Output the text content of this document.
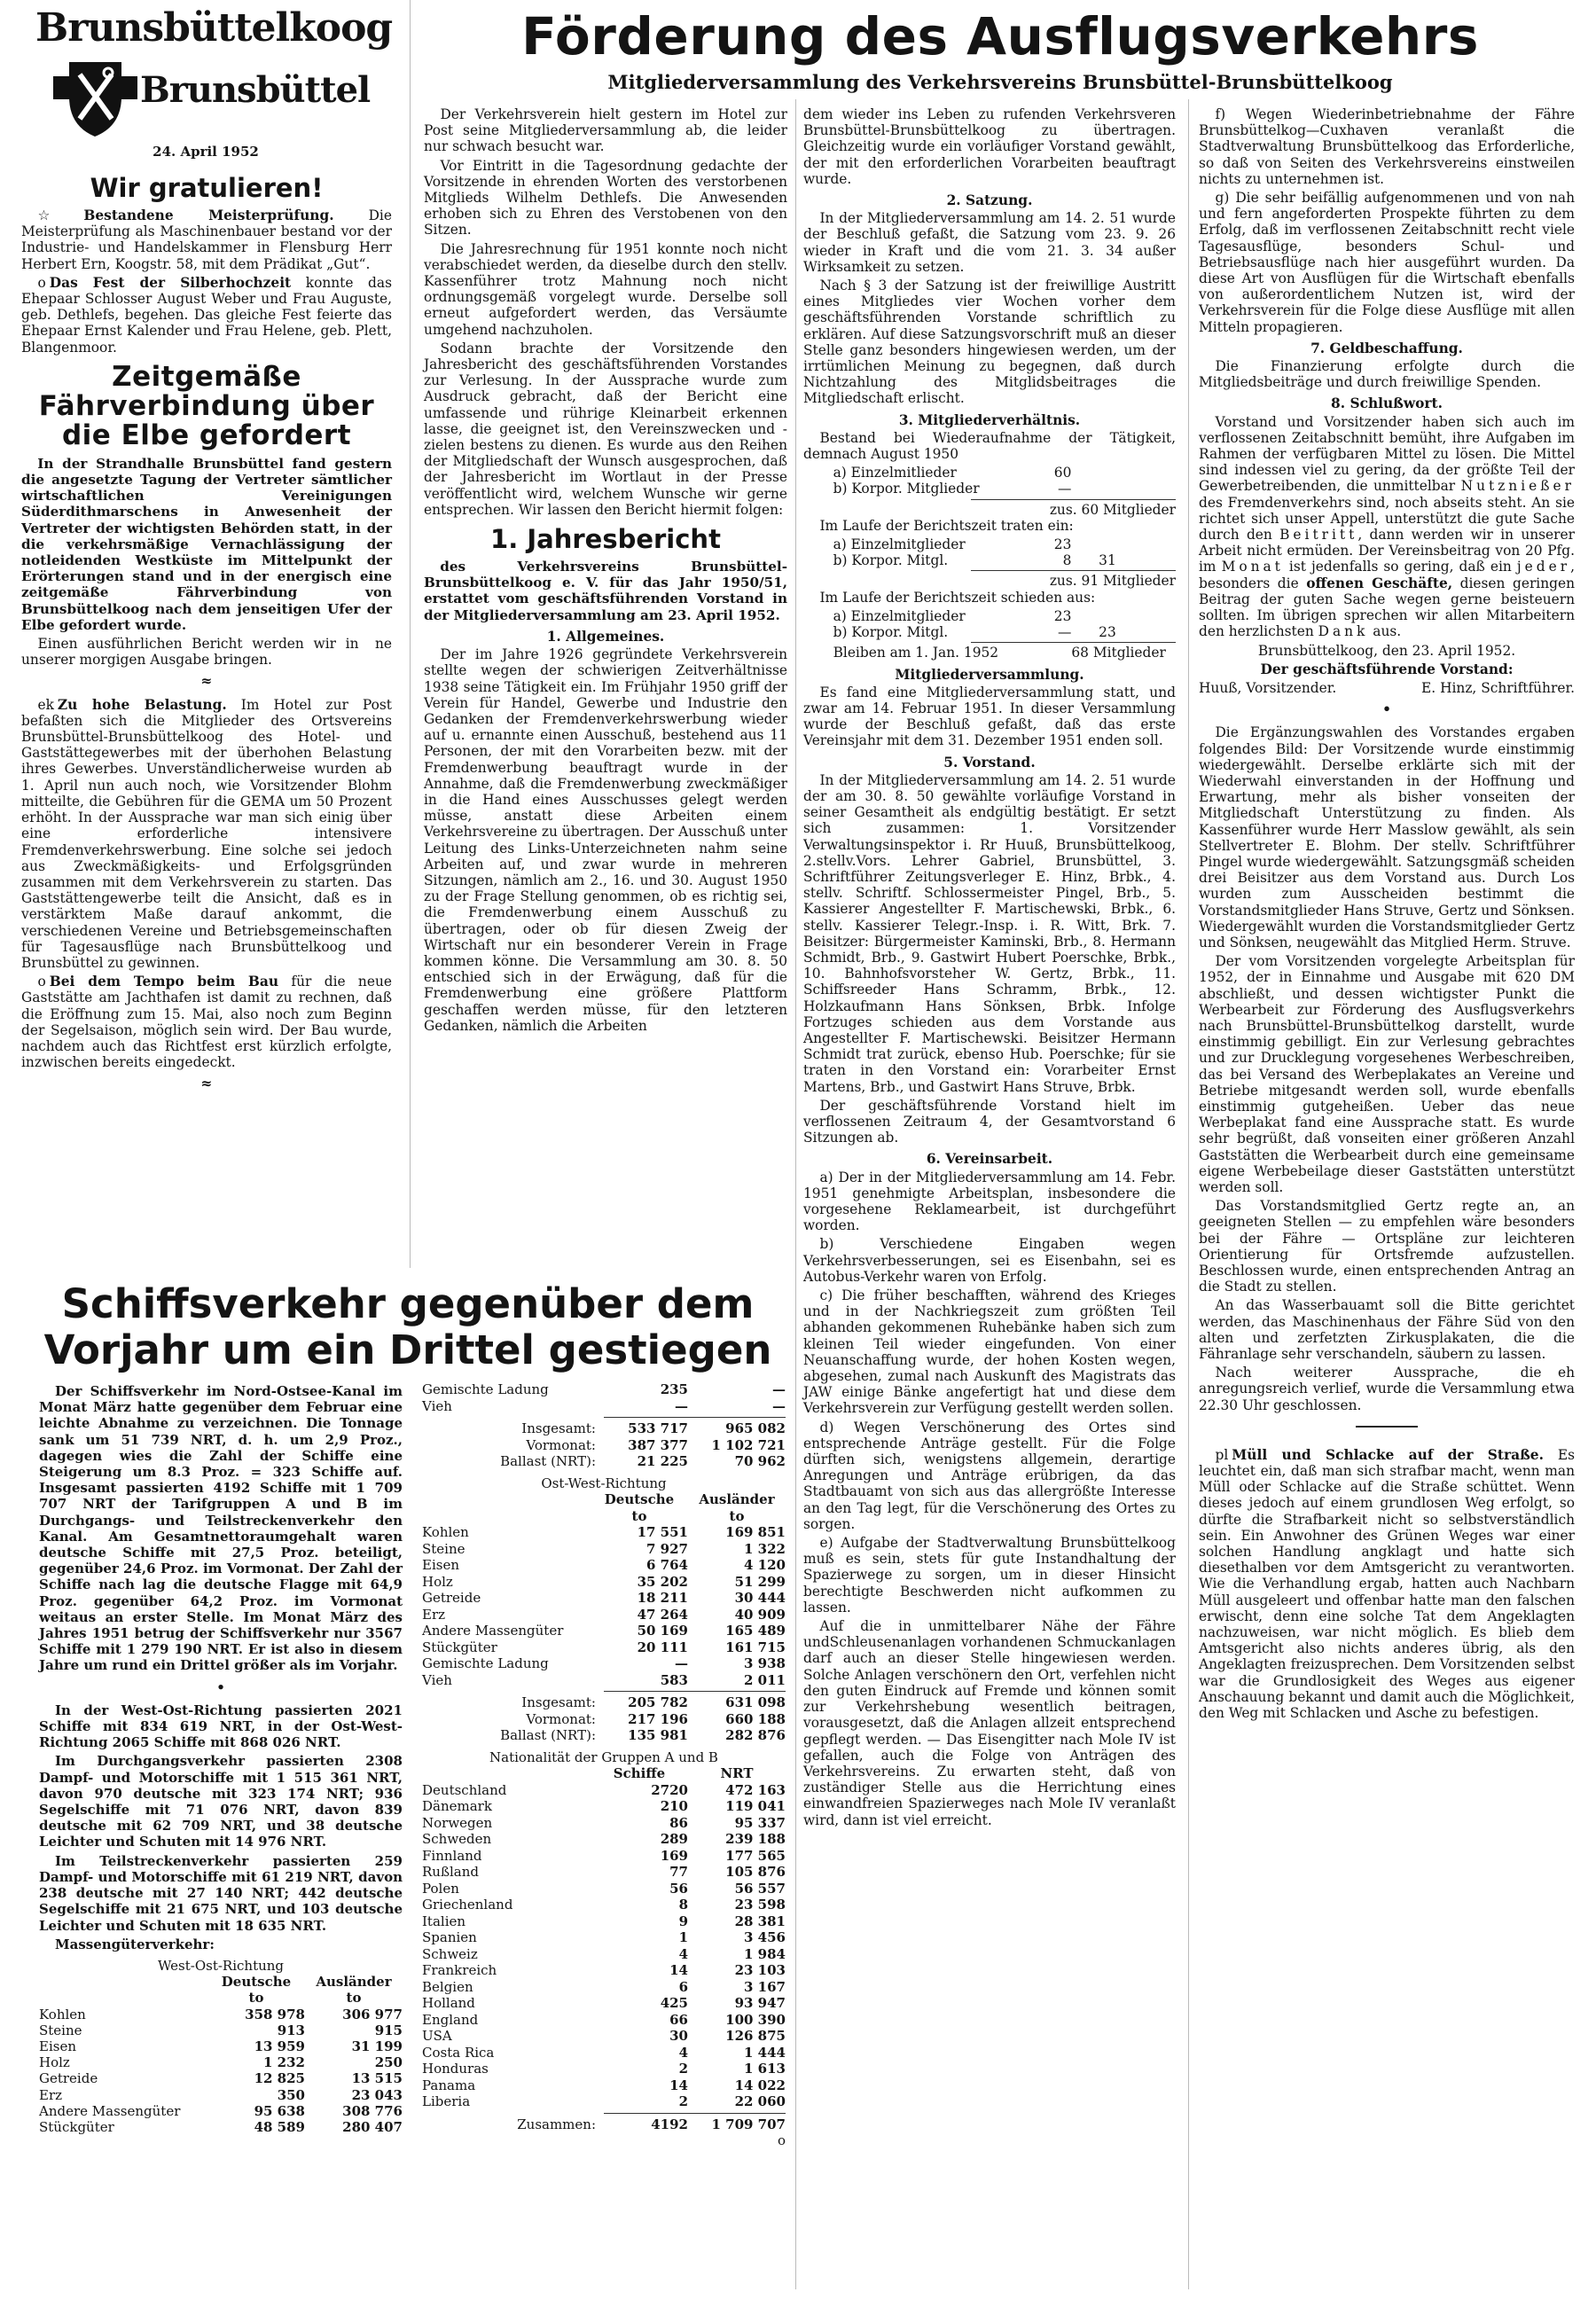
Brunsbüttelkoog
Brunsbüttel
24. April 1952
Förderung des Ausflugsverkehrs
Mitgliederversammlung des Verkehrsvereins Brunsbüttel-Brunsbüttelkoog
Wir gratulieren!
☆ Bestandene Meisterprüfung.	Die Meisterprüfung als Maschinenbauer bestand vor der Industrie- und Handelskammer in Flensburg Herr Herbert Ern, Koogstr. 58, mit dem Prädikat „Gut“.
o Das Fest der Silberhochzeit konnte das Ehepaar Schlosser August Weber und Frau Auguste, geb. Dethlefs, begehen. Das gleiche Fest feierte das Ehepaar Ernst Kalender und Frau Helene, geb. Plett, Blangenmoor.
Zeitgemäße Fährverbindung über die Elbe gefordert
In der Strandhalle Brunsbüttel fand gestern die angesetzte Tagung der Vertreter sämtlicher wirtschaftlichen Vereinigungen Süderdithmarschens in Anwesenheit der Vertreter der wichtigsten Behörden statt, in der die verkehrsmäßige Vernachlässigung der notleidenden Westküste im Mittelpunkt der Erörterungen stand und in der energisch eine zeitgemäße Fährverbindung von Brunsbüttelkoog nach dem jenseitigen Ufer der Elbe gefordert wurde.
ne
Einen ausführlichen Bericht werden wir in unserer morgigen Ausgabe bringen.
≈
ek Zu hohe Belastung. Im Hotel zur Post befaßten sich die Mitglieder des Ortsvereins Brunsbüttel-Brunsbüttelkoog des Hotel- und Gaststättegewerbes mit der überhohen Belastung ihres Gewerbes. Unverständlicherweise wurden ab 1. April nun auch noch, wie Vorsitzender Blohm mitteilte, die Gebühren für die GEMA um 50 Prozent erhöht. In der Aussprache war man sich einig über eine erforderliche intensivere Fremdenverkehrswerbung. Eine solche sei jedoch aus Zweckmäßigkeits- und Erfolgsgründen zusammen mit dem Verkehrsverein zu starten. Das Gaststättengewerbe teilt die Ansicht, daß es in verstärktem Maße darauf ankommt, die verschiedenen Vereine und Betriebsgemeinschaften für Tagesausflüge nach Brunsbüttelkoog und Brunsbüttel zu gewinnen.
o Bei dem Tempo beim Bau für die neue Gaststätte am Jachthafen ist damit zu rechnen, daß die Eröffnung zum 15. Mai, also noch zum Beginn der Segelsaison, möglich sein wird. Der Bau wurde, nachdem auch das Richtfest erst kürzlich erfolgte, inzwischen bereits eingedeckt.
≈
Der Verkehrsverein hielt gestern im Hotel zur Post seine Mitgliederversammlung ab, die leider nur schwach besucht war.
Vor Eintritt in die Tagesordnung gedachte der Vorsitzende in ehrenden Worten des verstorbenen Mitglieds Wilhelm Dethlefs. Die Anwesenden erhoben sich zu Ehren des Verstobenen von den Sitzen.
Die Jahresrechnung für 1951 konnte noch nicht verabschiedet werden, da dieselbe durch den stellv. Kassenführer trotz Mahnung noch nicht ordnungsgemäß vorgelegt wurde. Derselbe soll erneut aufgefordert werden, das Versäumte umgehend nachzuholen.
Sodann brachte der Vorsitzende den Jahresbericht des geschäftsführenden Vorstandes zur Verlesung. In der Aussprache wurde zum Ausdruck gebracht, daß der Bericht eine umfassende und rührige Kleinarbeit erkennen lasse, die geeignet ist, den Vereinszwecken und -zielen bestens zu dienen. Es wurde aus den Reihen der Mitgliedschaft der Wunsch ausgesprochen, daß der Jahresbericht im Wortlaut in der Presse veröffentlicht wird, welchem Wunsche wir gerne entsprechen. Wir lassen den Bericht hiermit folgen:
1. Jahresbericht
des Verkehrsvereins Brunsbüttel-Brunsbüttelkoog e. V. für das Jahr 1950/51, erstattet vom geschäftsführenden Vorstand in der Mitgliederversammlung am 23. April 1952.
1. Allgemeines.
Der im Jahre 1926 gegründete Verkehrsverein stellte wegen der schwierigen Zeitverhältnisse 1938 seine Tätigkeit ein. Im Frühjahr 1950 griff der Verein für Handel, Gewerbe und Industrie den Gedanken der Fremdenverkehrswerbung wieder auf u. ernannte einen Ausschuß, bestehend aus 11 Personen, der mit den Vorarbeiten bezw. mit der Fremdenwerbung beauftragt wurde in der Annahme, daß die Fremdenwerbung zweckmäßiger in die Hand eines Ausschusses gelegt werden müsse, anstatt diese Arbeiten einem Verkehrsvereine zu übertragen. Der Ausschuß unter Leitung des Links-Unterzeichneten nahm seine Arbeiten auf, und zwar wurde in mehreren Sitzungen, nämlich am 2., 16. und 30. August 1950 zu der Frage Stellung genommen, ob es richtig sei, die Fremdenwerbung einem Ausschuß zu übertragen, oder ob für diesen Zweig der Wirtschaft nur ein besonderer Verein in Frage kommen könne. Die Versammlung am 30. 8. 50 entschied sich in der Erwägung, daß für die Fremdenwerbung eine größere Plattform geschaffen werden müsse, für den letzteren Gedanken, nämlich die Arbeiten
dem wieder ins Leben zu rufenden Verkehrsveren Brunsbüttel-Brunsbüttelkoog zu übertragen. Gleichzeitig wurde ein vorläufiger Vorstand gewählt, der mit den erforderlichen Vorarbeiten beauftragt wurde.
2. Satzung.
In der Mitgliederversammlung am 14. 2. 51 wurde der Beschluß gefaßt, die Satzung vom 23. 9. 26 wieder in Kraft und die vom 21. 3. 34 außer Wirksamkeit zu setzen.
Nach § 3 der Satzung ist der freiwillige Austritt eines Mitgliedes vier Wochen vorher dem geschäftsführenden Vorstande schriftlich zu erklären. Auf diese Satzungsvorschrift muß an dieser Stelle ganz besonders hingewiesen werden, um der irrtümlichen Meinung zu begegnen, daß durch Nichtzahlung des Mitglidsbeitrages die Mitgliedschaft erlischt.
3. Mitgliederverhältnis.
Bestand bei Wiederaufnahme der Tätigkeit, demnach August 1950
a) Einzelmitlieder	60
b) Korpor. Mitglieder	—
zus. 60 Mitglieder
Im Laufe der Berichtszeit traten ein:
a) Einzelmitglieder	23
b) Korpor. Mitgl.	8	31
zus. 91 Mitglieder
Im Laufe der Berichtszeit schieden aus:
a) Einzelmitglieder	23
b) Korpor. Mitgl.	—	23
Bleiben am 1. Jan. 1952	68 Mitglieder
Mitgliederversammlung.
Es fand eine Mitgliederversammlung statt, und zwar am 14. Februar 1951. In dieser Versammlung wurde der Beschluß gefaßt, daß das erste Vereinsjahr mit dem 31. Dezember 1951 enden soll.
5. Vorstand.
In der Mitgliederversammlung am 14. 2. 51 wurde der am 30. 8. 50 gewählte vorläufige Vorstand in seiner Gesamtheit als endgültig bestätigt. Er setzt sich zusammen: 1. Vorsitzender Verwaltungsinspektor i. Rr Huuß, Brunsbüttelkoog, 2.stellv.Vors. Lehrer Gabriel, Brunsbüttel, 3. Schriftführer Zeitungsverleger E. Hinz, Brbk., 4. stellv. Schriftf. Schlossermeister Pingel, Brb., 5. Kassierer Angestellter F. Martischewski, Brbk., 6. stellv. Kassierer Telegr.-Insp. i. R. Witt, Brk. 7. Beisitzer: Bürgermeister Kaminski, Brb., 8. Hermann Schmidt, Brb., 9. Gastwirt Hubert Poerschke, Brbk., 10. Bahnhofsvorsteher W. Gertz, Brbk., 11. Schiffsreeder Hans Schramm, Brbk., 12. Holzkaufmann Hans Sönksen, Brbk. Infolge Fortzuges schieden aus dem Vorstande aus Angestellter F. Martischewski. Beisitzer Hermann Schmidt trat zurück, ebenso Hub. Poerschke; für sie traten in den Vorstand ein: Vorarbeiter Ernst Martens, Brb., und Gastwirt Hans Struve, Brbk.
Der geschäftsführende Vorstand hielt im verflossenen Zeitraum 4, der Gesamtvorstand 6 Sitzungen ab.
6. Vereinsarbeit.
a) Der in der Mitgliederversammlung am 14. Febr. 1951 genehmigte Arbeitsplan, insbesondere die vorgesehene Reklamearbeit, ist durchgeführt worden.
b) Verschiedene Eingaben wegen Verkehrsverbesserungen, sei es Eisenbahn, sei es Autobus-Verkehr waren von Erfolg.
c) Die früher beschafften, während des Krieges und in der Nachkriegszeit zum größten Teil abhanden gekommenen Ruhebänke haben sich zum kleinen Teil wieder eingefunden. Von einer Neuanschaffung wurde, der hohen Kosten wegen, abgesehen, zumal nach Auskunft des Magistrats das JAW einige Bänke angefertigt hat und diese dem Verkehrsverein zur Verfügung gestellt werden sollen.
d) Wegen Verschönerung des Ortes sind entsprechende Anträge gestellt. Für die Folge dürften sich, wenigstens allgemein, derartige Anregungen und Anträge erübrigen, da das Stadtbauamt von sich aus das allergrößte Interesse an den Tag legt, für die Verschönerung des Ortes zu sorgen.
e) Aufgabe der Stadtverwaltung Brunsbüttelkoog muß es sein, stets für gute Instandhaltung der Spazierwege zu sorgen, um in dieser Hinsicht berechtigte Beschwerden nicht aufkommen zu lassen.
Auf die in unmittelbarer Nähe der Fähre undSchleusenanlagen vorhandenen Schmuckanlagen darf auch an dieser Stelle hingewiesen werden. Solche Anlagen verschönern den Ort, verfehlen nicht den guten Eindruck auf Fremde und können somit zur Verkehrshebung wesentlich beitragen, vorausgesetzt, daß die Anlagen allzeit entsprechend gepflegt werden. — Das Eisengitter nach Mole IV ist gefallen, auch die Folge von Anträgen des Verkehrsvereins. Zu erwarten steht, daß von zuständiger Stelle aus die Herrichtung eines einwandfreien Spazierweges nach Mole IV veranlaßt wird, dann ist viel erreicht.
f) Wegen Wiederinbetriebnahme der Fähre Brunsbüttelkog—Cuxhaven veranlaßt die Stadtverwaltung Brunsbüttelkoog das Erforderliche, so daß von Seiten des Verkehrsvereins einstweilen nichts zu unternehmen ist.
g) Die sehr beifällig aufgenommenen und von nah und fern angeforderten Prospekte führten zu dem Erfolg, daß im verflossenen Zeitabschnitt recht viele Tagesausflüge, besonders Schul- und Betriebsausflüge nach hier ausgeführt wurden. Da diese Art von Ausflügen für die Wirtschaft ebenfalls von außerordentlichem Nutzen ist, wird der Verkehrsverein für die Folge diese Ausflüge mit allen Mitteln propagieren.
7. Geldbeschaffung.
Die Finanzierung erfolgte durch die Mitgliedsbeiträge und durch freiwillige Spenden.
8. Schlußwort.
Vorstand und Vorsitzender haben sich auch im verflossenen Zeitabschnitt bemüht, ihre Aufgaben im Rahmen der verfügbaren Mittel zu lösen. Die Mittel sind indessen viel zu gering, da der größte Teil der Gewerbetreibenden, die unmittelbar Nutznießer des Fremdenverkehrs sind, noch abseits steht. An sie richtet sich unser Appell, unterstützt die gute Sache durch den Beitritt, dann werden wir in unserer Arbeit nicht ermüden. Der Vereinsbeitrag von 20 Pfg. im Monat ist jedenfalls so gering, daß ein jeder, besonders die offenen Geschäfte, diesen geringen Beitrag der guten Sache wegen gerne beisteuern sollten. Im übrigen sprechen wir allen Mitarbeitern den herzlichsten Dank aus.
Brunsbüttelkoog, den 23. April 1952.
Der geschäftsführende Vorstand:
Huuß, Vorsitzender.	E. Hinz, Schriftführer.
•
Die Ergänzungswahlen des Vorstandes ergaben folgendes Bild: Der Vorsitzende wurde einstimmig wiedergewählt. Derselbe erklärte sich mit der Wiederwahl einverstanden in der Hoffnung und Erwartung, mehr als bisher vonseiten der Mitgliedschaft Unterstützung zu finden. Als Kassenführer wurde Herr Masslow gewählt, als sein Stellvertreter E. Blohm. Der stellv. Schriftführer Pingel wurde wiedergewählt. Satzungsgmäß scheiden drei Beisitzer aus dem Vorstand aus. Durch Los wurden zum Ausscheiden bestimmt die Vorstandsmitglieder Hans Struve, Gertz und Sönksen. Wiedergewählt wurden die Vorstandsmitglieder Gertz und Sönksen, neugewählt das Mitglied Herm. Struve.
Der vom Vorsitzenden vorgelegte Arbeitsplan für 1952, der in Einnahme und Ausgabe mit 620 DM abschließt, und dessen wichtigster Punkt die Werbearbeit zur Förderung des Ausflugsverkehrs nach Brunsbüttel-Brunsbüttelkog darstellt, wurde einstimmig gebilligt. Ein zur Verlesung gebrachtes und zur Drucklegung vorgesehenes Werbeschreiben, das bei Versand des Werbeplakates an Vereine und Betriebe mitgesandt werden soll, wurde ebenfalls einstimmig gutgeheißen. Ueber das neue Werbeplakat fand eine Aussprache statt. Es wurde sehr begrüßt, daß vonseiten einer größeren Anzahl Gaststätten die Werbearbeit durch eine gemeinsame eigene Werbebeilage dieser Gaststätten unterstützt werden soll.
Das Vorstandsmitglied Gertz regte an, an geeigneten Stellen — zu empfehlen wäre besonders bei der Fähre — Ortspläne zur leichteren Orientierung für Ortsfremde aufzustellen. Beschlossen wurde, einen entsprechenden Antrag an die Stadt zu stellen.
An das Wasserbauamt soll die Bitte gerichtet werden, das Maschinenhaus der Fähre Süd von den alten und zerfetzten Zirkusplakaten, die die Fähranlage sehr verschandeln, säubern zu lassen.
eh
Nach weiterer Aussprache, die anregungsreich verlief, wurde die Versammlung etwa 22.30 Uhr geschlossen.
pl Müll und Schlacke auf der Straße. Es leuchtet ein, daß man sich strafbar macht, wenn man Müll oder Schlacke auf die Straße schüttet. Wenn dieses jedoch auf einem grundlosen Weg erfolgt, so dürfte die Strafbarkeit nicht so selbstverständlich sein. Ein Anwohner des Grünen Weges war einer solchen Handlung angklagt und hatte sich diesethalben vor dem Amtsgericht zu verantworten. Wie die Verhandlung ergab, hatten auch Nachbarn Müll ausgeleert und offenbar hatte man den falschen erwischt, denn eine solche Tat dem Angeklagten nachzuweisen, war nicht möglich. Es blieb dem Amtsgericht also nichts anderes übrig, als den Angeklagten freizusprechen. Dem Vorsitzenden selbst war die Grundlosigkeit des Weges aus eigener Anschauung bekannt und damit auch die Möglichkeit, den Weg mit Schlacken und Asche zu befestigen.
Schiffsverkehr gegenüber dem Vorjahr um ein Drittel gestiegen
Der Schiffsverkehr im Nord-Ostsee-Kanal im Monat März hatte gegenüber dem Februar eine leichte Abnahme zu verzeichnen. Die Tonnage sank um 51 739 NRT, d. h. um 2,9 Proz., dagegen wies die Zahl der Schiffe eine Steigerung um 8.3 Proz. = 323 Schiffe auf. Insgesamt passierten 4192 Schiffe mit 1 709 707 NRT der Tarifgruppen A und B im Durchgangs- und Teilstreckenverkehr den Kanal. Am Gesamtnettoraumgehalt waren deutsche Schiffe mit 27,5 Proz. beteiligt, gegenüber 24,6 Proz. im Vormonat. Der Zahl der Schiffe nach lag die deutsche Flagge mit 64,9 Proz. gegenüber 64,2 Proz. im Vormonat weitaus an erster Stelle. Im Monat März des Jahres 1951 betrug der Schiffsverkehr nur 3567 Schiffe mit 1 279 190 NRT. Er ist also in diesem Jahre um rund ein Drittel größer als im Vorjahr.
•
In der West-Ost-Richtung passierten 2021 Schiffe mit 834 619 NRT, in der Ost-West-Richtung 2065 Schiffe mit 868 026 NRT.
Im Durchgangsverkehr passierten 2308 Dampf- und Motorschiffe mit 1 515 361 NRT, davon 970 deutsche mit 323 174 NRT; 936 Segelschiffe mit 71 076 NRT, davon 839 deutsche mit 62 709 NRT, und 38 deutsche Leichter und Schuten mit 14 976 NRT.
Im Teilstreckenverkehr passierten 259 Dampf- und Motorschiffe mit 61 219 NRT, davon 238 deutsche mit 27 140 NRT; 442 deutsche Segelschiffe mit 21 675 NRT, und 103 deutsche Leichter und Schuten mit 18 635 NRT.
Massengüterverkehr:
West-Ost-Richtung
Deutsche	Ausländer
to	to
Kohlen	358 978	306 977
Steine	913	915
Eisen	13 959	31 199
Holz	1 232	250
Getreide	12 825	13 515
Erz	350	23 043
Andere Massengüter	95 638	308 776
Stückgüter	48 589	280 407
Gemischte Ladung	235	—
Vieh	—	—
Insgesamt:	533 717	965 082
Vormonat:	387 377	1 102 721
Ballast (NRT):	21 225	70 962
Ost-West-Richtung
Deutsche	Ausländer
to	to
Kohlen	17 551	169 851
Steine	7 927	1 322
Eisen	6 764	4 120
Holz	35 202	51 299
Getreide	18 211	30 444
Erz	47 264	40 909
Andere Massengüter	50 169	165 489
Stückgüter	20 111	161 715
Gemischte Ladung	—	3 938
Vieh	583	2 011
Insgesamt:	205 782	631 098
Vormonat:	217 196	660 188
Ballast (NRT):	135 981	282 876
Nationalität der Gruppen A und B
Schiffe	NRT
Deutschland	2720	472 163
Dänemark	210	119 041
Norwegen	86	95 337
Schweden	289	239 188
Finnland	169	177 565
Rußland	77	105 876
Polen	56	56 557
Griechenland	8	23 598
Italien	9	28 381
Spanien	1	3 456
Schweiz	4	1 984
Frankreich	14	23 103
Belgien	6	3 167
Holland	425	93 947
England	66	100 390
USA	30	126 875
Costa Rica	4	1 444
Honduras	2	1 613
Panama	14	14 022
Liberia	2	22 060
Zusammen:	4192	1 709 707
o
